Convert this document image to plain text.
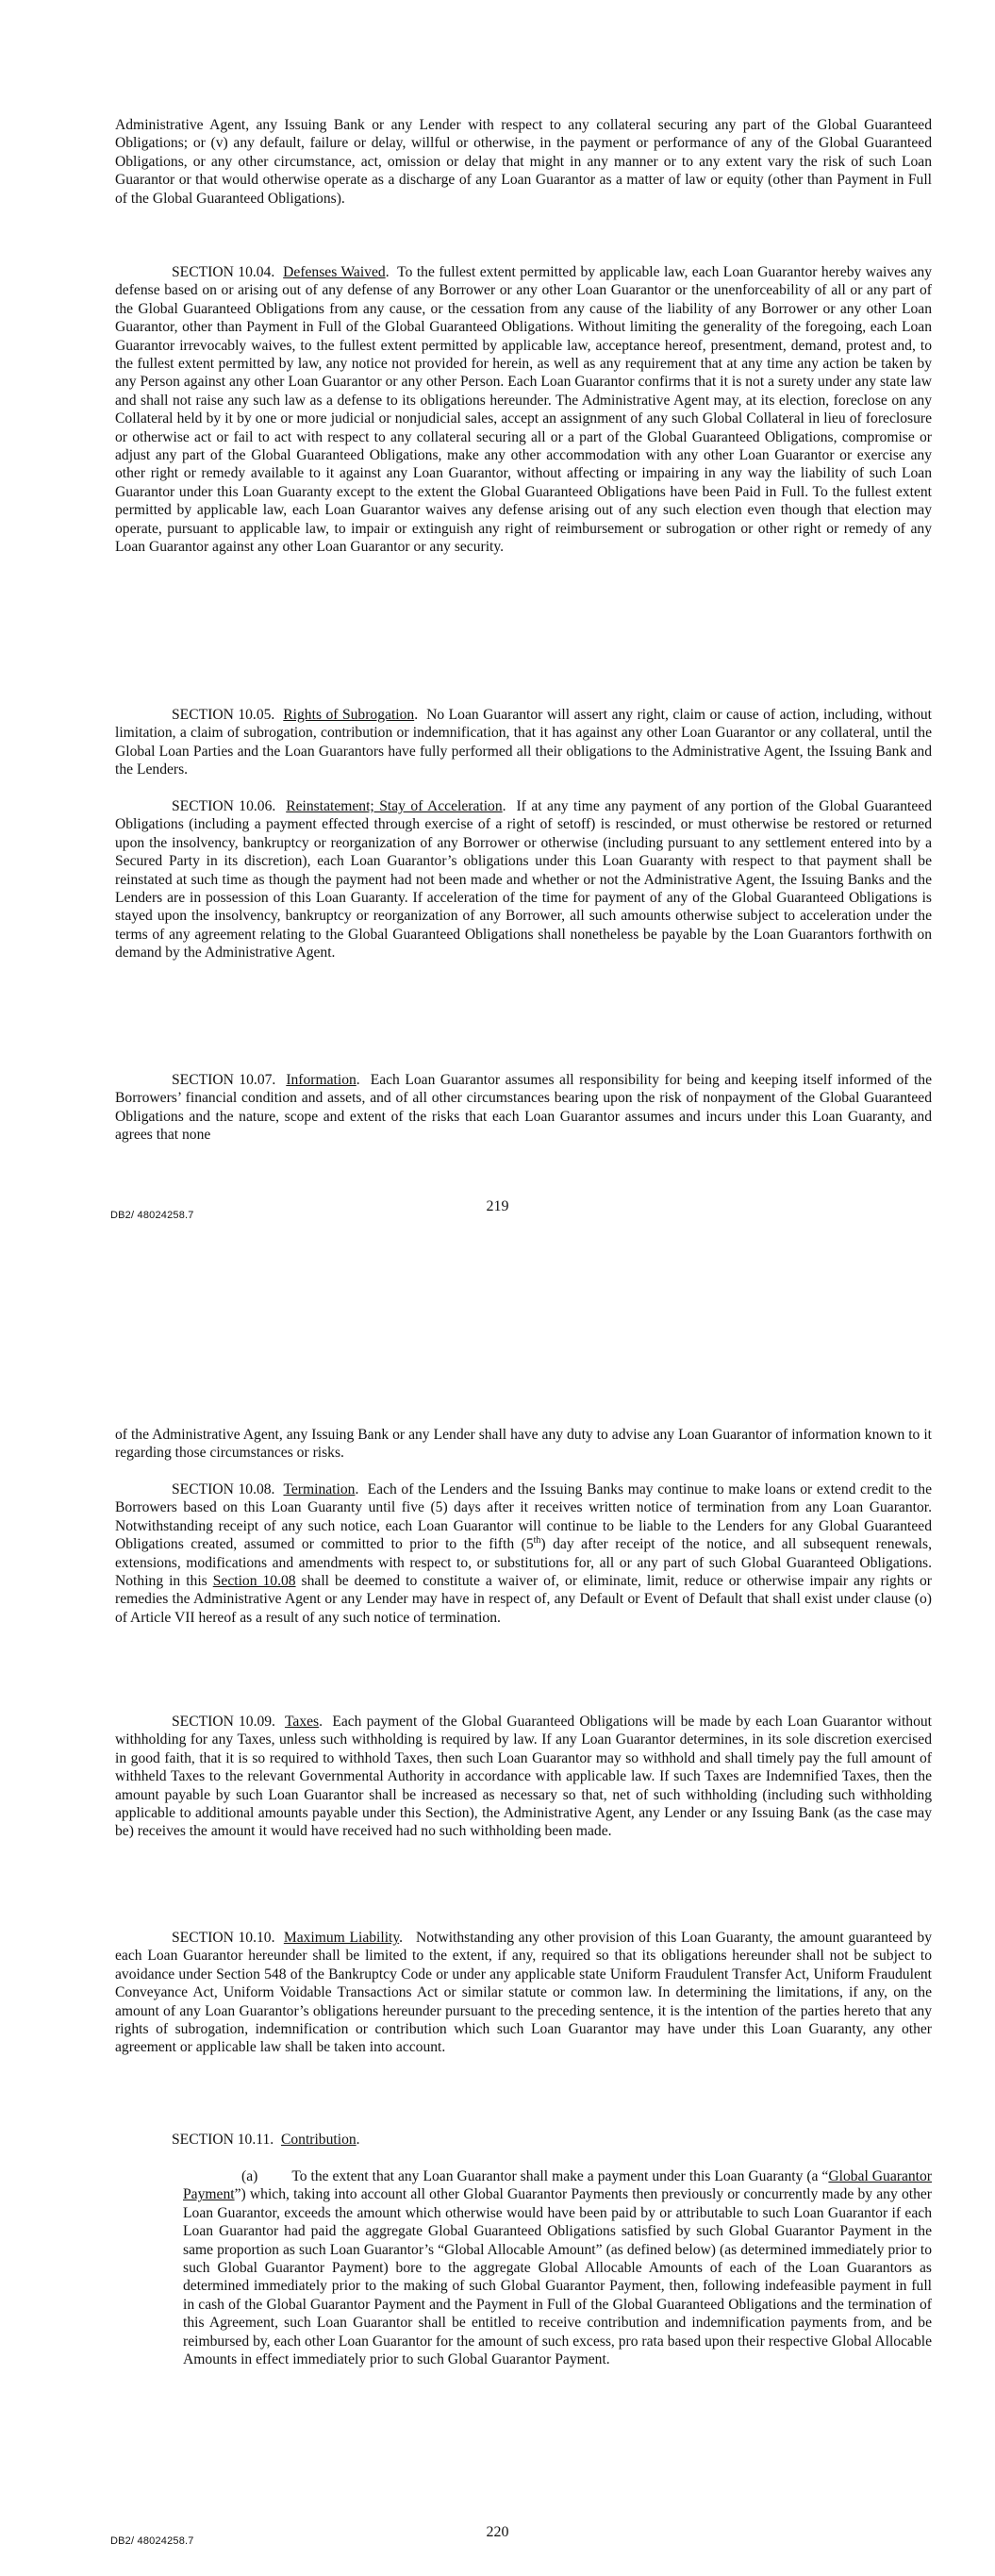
Administrative Agent, any Issuing Bank or any Lender with respect to any collateral securing any part of the Global Guaranteed Obligations; or (v) any default, failure or delay, willful or otherwise, in the payment or performance of any of the Global Guaranteed Obligations, or any other circumstance, act, omission or delay that might in any manner or to any extent vary the risk of such Loan Guarantor or that would otherwise operate as a discharge of any Loan Guarantor as a matter of law or equity (other than Payment in Full of the Global Guaranteed Obligations).

SECTION 10.04. Defenses Waived.  To the fullest extent permitted by applicable law, each Loan Guarantor hereby waives any defense based on or arising out of any defense of any Borrower or any other Loan Guarantor or the unenforceability of all or any part of the Global Guaranteed Obligations from any cause, or the cessation from any cause of the liability of any Borrower or any other Loan Guarantor, other than Payment in Full of the Global Guaranteed Obligations. Without limiting the generality of the foregoing, each Loan Guarantor irrevocably waives, to the fullest extent permitted by applicable law, acceptance hereof, presentment, demand, protest and, to the fullest extent permitted by law, any notice not provided for herein, as well as any requirement that at any time any action be taken by any Person against any other Loan Guarantor or any other Person. Each Loan Guarantor confirms that it is not a surety under any state law and shall not raise any such law as a defense to its obligations hereunder. The Administrative Agent may, at its election, foreclose on any Collateral held by it by one or more judicial or nonjudicial sales, accept an assignment of any such Global Collateral in lieu of foreclosure or otherwise act or fail to act with respect to any collateral securing all or a part of the Global Guaranteed Obligations, compromise or adjust any part of the Global Guaranteed Obligations, make any other accommodation with any other Loan Guarantor or exercise any other right or remedy available to it against any Loan Guarantor, without affecting or impairing in any way the liability of such Loan Guarantor under this Loan Guaranty except to the extent the Global Guaranteed Obligations have been Paid in Full. To the fullest extent permitted by applicable law, each Loan Guarantor waives any defense arising out of any such election even though that election may operate, pursuant to applicable law, to impair or extinguish any right of reimbursement or subrogation or other right or remedy of any Loan Guarantor against any other Loan Guarantor or any security.

SECTION 10.05. Rights of Subrogation.  No Loan Guarantor will assert any right, claim or cause of action, including, without limitation, a claim of subrogation, contribution or indemnification, that it has against any other Loan Guarantor or any collateral, until the Global Loan Parties and the Loan Guarantors have fully performed all their obligations to the Administrative Agent, the Issuing Bank and the Lenders.

SECTION 10.06. Reinstatement; Stay of Acceleration.  If at any time any payment of any portion of the Global Guaranteed Obligations (including a payment effected through exercise of a right of setoff) is rescinded, or must otherwise be restored or returned upon the insolvency, bankruptcy or reorganization of any Borrower or otherwise (including pursuant to any settlement entered into by a Secured Party in its discretion), each Loan Guarantor’s obligations under this Loan Guaranty with respect to that payment shall be reinstated at such time as though the payment had not been made and whether or not the Administrative Agent, the Issuing Banks and the Lenders are in possession of this Loan Guaranty. If acceleration of the time for payment of any of the Global Guaranteed Obligations is stayed upon the insolvency, bankruptcy or reorganization of any Borrower, all such amounts otherwise subject to acceleration under the terms of any agreement relating to the Global Guaranteed Obligations shall nonetheless be payable by the Loan Guarantors forthwith on demand by the Administrative Agent.

SECTION 10.07. Information.  Each Loan Guarantor assumes all responsibility for being and keeping itself informed of the Borrowers’ financial condition and assets, and of all other circumstances bearing upon the risk of nonpayment of the Global Guaranteed Obligations and the nature, scope and extent of the risks that each Loan Guarantor assumes and incurs under this Loan Guaranty, and agrees that none

DB2/ 48024258.7
219

of the Administrative Agent, any Issuing Bank or any Lender shall have any duty to advise any Loan Guarantor of information known to it regarding those circumstances or risks.

SECTION 10.08. Termination.  Each of the Lenders and the Issuing Banks may continue to make loans or extend credit to the Borrowers based on this Loan Guaranty until five (5) days after it receives written notice of termination from any Loan Guarantor. Notwithstanding receipt of any such notice, each Loan Guarantor will continue to be liable to the Lenders for any Global Guaranteed Obligations created, assumed or committed to prior to the fifth (5th) day after receipt of the notice, and all subsequent renewals, extensions, modifications and amendments with respect to, or substitutions for, all or any part of such Global Guaranteed Obligations. Nothing in this Section 10.08 shall be deemed to constitute a waiver of, or eliminate, limit, reduce or otherwise impair any rights or remedies the Administrative Agent or any Lender may have in respect of, any Default or Event of Default that shall exist under clause (o) of Article VII hereof as a result of any such notice of termination.

SECTION 10.09. Taxes.  Each payment of the Global Guaranteed Obligations will be made by each Loan Guarantor without withholding for any Taxes, unless such withholding is required by law. If any Loan Guarantor determines, in its sole discretion exercised in good faith, that it is so required to withhold Taxes, then such Loan Guarantor may so withhold and shall timely pay the full amount of withheld Taxes to the relevant Governmental Authority in accordance with applicable law. If such Taxes are Indemnified Taxes, then the amount payable by such Loan Guarantor shall be increased as necessary so that, net of such withholding (including such withholding applicable to additional amounts payable under this Section), the Administrative Agent, any Lender or any Issuing Bank (as the case may be) receives the amount it would have received had no such withholding been made.

SECTION 10.10. Maximum Liability.   Notwithstanding any other provision of this Loan Guaranty, the amount guaranteed by each Loan Guarantor hereunder shall be limited to the extent, if any, required so that its obligations hereunder shall not be subject to avoidance under Section 548 of the Bankruptcy Code or under any applicable state Uniform Fraudulent Transfer Act, Uniform Fraudulent Conveyance Act, Uniform Voidable Transactions Act or similar statute or common law. In determining the limitations, if any, on the amount of any Loan Guarantor’s obligations hereunder pursuant to the preceding sentence, it is the intention of the parties hereto that any rights of subrogation, indemnification or contribution which such Loan Guarantor may have under this Loan Guaranty, any other agreement or applicable law shall be taken into account.

SECTION 10.11. Contribution.

(a) To the extent that any Loan Guarantor shall make a payment under this Loan Guaranty (a “Global Guarantor Payment”) which, taking into account all other Global Guarantor Payments then previously or concurrently made by any other Loan Guarantor, exceeds the amount which otherwise would have been paid by or attributable to such Loan Guarantor if each Loan Guarantor had paid the aggregate Global Guaranteed Obligations satisfied by such Global Guarantor Payment in the same proportion as such Loan Guarantor’s “Global Allocable Amount” (as defined below) (as determined immediately prior to such Global Guarantor Payment) bore to the aggregate Global Allocable Amounts of each of the Loan Guarantors as determined immediately prior to the making of such Global Guarantor Payment, then, following indefeasible payment in full in cash of the Global Guarantor Payment and the Payment in Full of the Global Guaranteed Obligations and the termination of this Agreement, such Loan Guarantor shall be entitled to receive contribution and indemnification payments from, and be reimbursed by, each other Loan Guarantor for the amount of such excess, pro rata based upon their respective Global Allocable Amounts in effect immediately prior to such Global Guarantor Payment.

DB2/ 48024258.7
220
